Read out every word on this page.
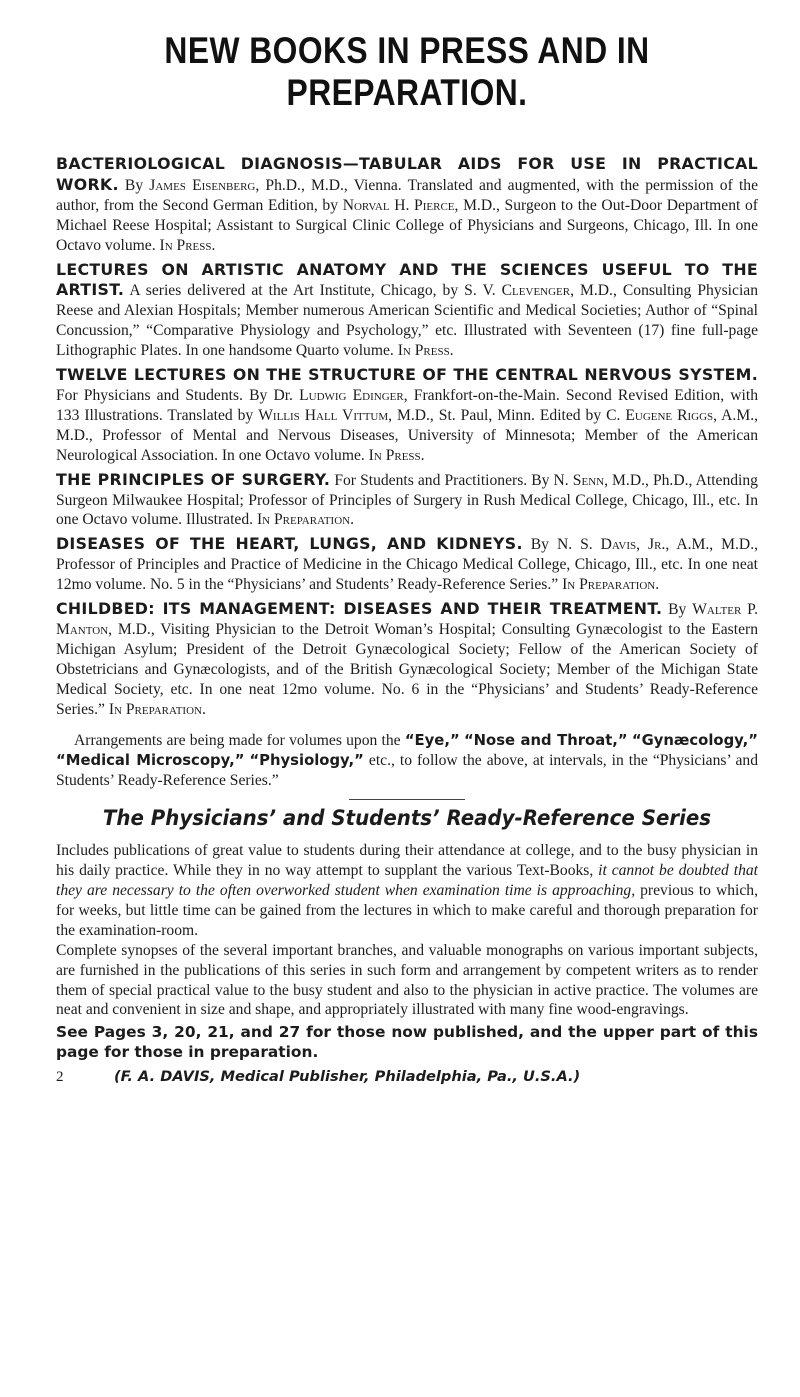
NEW BOOKS IN PRESS AND IN PREPARATION.

BACTERIOLOGICAL DIAGNOSIS—TABULAR AIDS FOR USE IN PRACTICAL WORK. By James Eisenberg, Ph.D., M.D., Vienna. Translated and augmented, with the permission of the author, from the Second German Edition, by Norval H. Pierce, M.D., Surgeon to the Out-Door Department of Michael Reese Hospital; Assistant to Surgical Clinic College of Physicians and Surgeons, Chicago, Ill. In one Octavo volume. In Press.

LECTURES ON ARTISTIC ANATOMY AND THE SCIENCES USEFUL TO THE ARTIST. A series delivered at the Art Institute, Chicago, by S. V. Clevenger, M.D., Consulting Physician Reese and Alexian Hospitals; Member numerous American Scientific and Medical Societies; Author of “Spinal Concussion,” “Comparative Physiology and Psychology,” etc. Illustrated with Seventeen (17) fine full-page Lithographic Plates. In one handsome Quarto volume. In Press.

TWELVE LECTURES ON THE STRUCTURE OF THE CENTRAL NERVOUS SYSTEM. For Physicians and Students. By Dr. Ludwig Edinger, Frankfort-on-the-Main. Second Revised Edition, with 133 Illustrations. Translated by Willis Hall Vittum, M.D., St. Paul, Minn. Edited by C. Eugene Riggs, A.M., M.D., Professor of Mental and Nervous Diseases, University of Minnesota; Member of the American Neurological Association. In one Octavo volume. In Press.

THE PRINCIPLES OF SURGERY. For Students and Practitioners. By N. Senn, M.D., Ph.D., Attending Surgeon Milwaukee Hospital; Professor of Principles of Surgery in Rush Medical College, Chicago, Ill., etc. In one Octavo volume. Illustrated. In Preparation.

DISEASES OF THE HEART, LUNGS, AND KIDNEYS. By N. S. Davis, Jr., A.M., M.D., Professor of Principles and Practice of Medicine in the Chicago Medical College, Chicago, Ill., etc. In one neat 12mo volume. No. 5 in the “Physicians’ and Students’ Ready-Reference Series.” In Preparation.

CHILDBED: ITS MANAGEMENT: DISEASES AND THEIR TREATMENT. By Walter P. Manton, M.D., Visiting Physician to the Detroit Woman’s Hospital; Consulting Gynæcologist to the Eastern Michigan Asylum; President of the Detroit Gynæcological Society; Fellow of the American Society of Obstetricians and Gynæcologists, and of the British Gynæcological Society; Member of the Michigan State Medical Society, etc. In one neat 12mo volume. No. 6 in the “Physicians’ and Students’ Ready-Reference Series.” In Preparation.

Arrangements are being made for volumes upon the “Eye,” “Nose and Throat,” “Gynæcology,” “Medical Microscopy,” “Physiology,” etc., to follow the above, at intervals, in the “Physicians’ and Students’ Ready-Reference Series.”

The Physicians’ and Students’ Ready-Reference Series

Includes publications of great value to students during their attendance at college, and to the busy physician in his daily practice. While they in no way attempt to supplant the various Text-Books, it cannot be doubted that they are necessary to the often overworked student when examination time is approaching, previous to which, for weeks, but little time can be gained from the lectures in which to make careful and thorough preparation for the examination-room.

Complete synopses of the several important branches, and valuable monographs on various important subjects, are furnished in the publications of this series in such form and arrangement by competent writers as to render them of special practical value to the busy student and also to the physician in active practice. The volumes are neat and convenient in size and shape, and appropriately illustrated with many fine wood-engravings.

See Pages 3, 20, 21, and 27 for those now published, and the upper part of this page for those in preparation.

2	(F. A. DAVIS, Medical Publisher, Philadelphia, Pa., U.S.A.)
